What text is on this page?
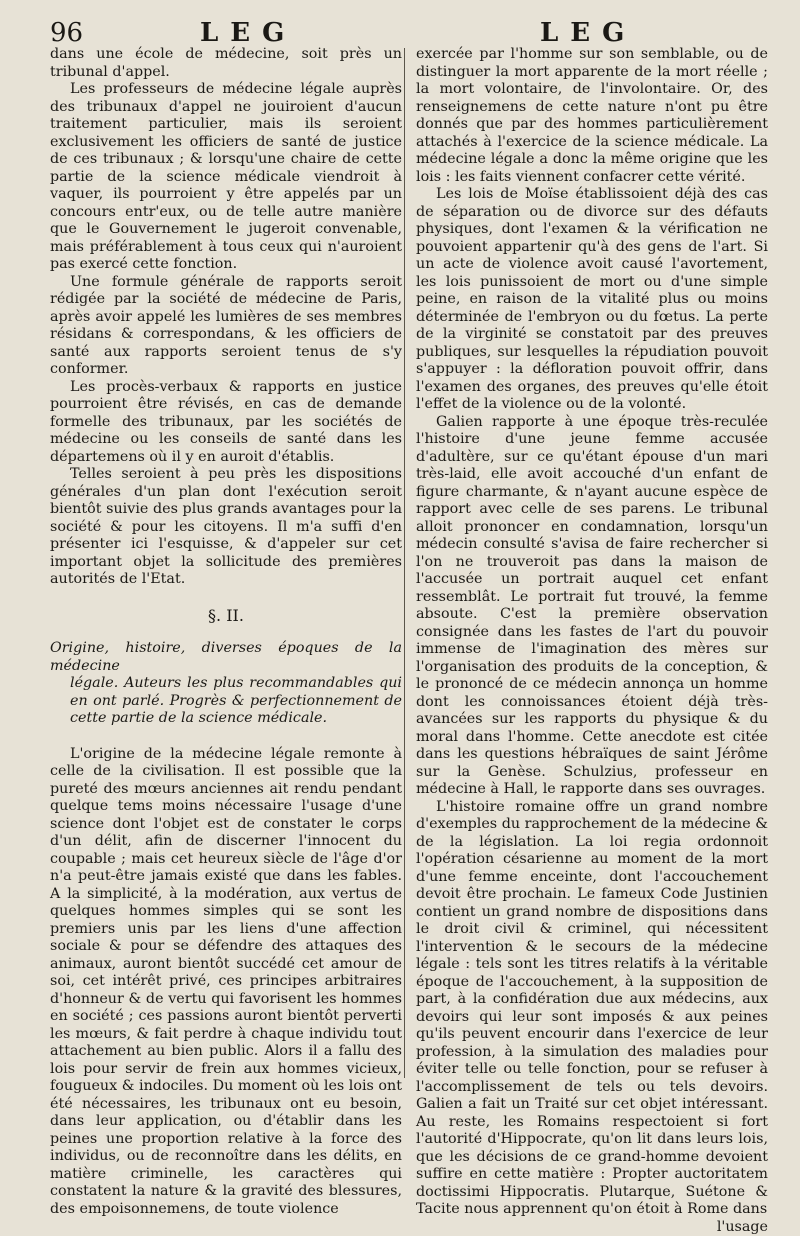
96	LEG	LEG

dans une école de médecine, soit près un tribunal d'appel.

Les professeurs de médecine légale auprès des tribunaux d'appel ne jouiroient d'aucun traitement particulier, mais ils seroient exclusivement les officiers de santé de justice de ces tribunaux ; & lorsqu'une chaire de cette partie de la science médicale viendroit à vaquer, ils pourroient y être appelés par un concours entr'eux, ou de telle autre manière que le Gouvernement le jugeroit convenable, mais préférablement à tous ceux qui n'auroient pas exercé cette fonction.

Une formule générale de rapports seroit rédigée par la société de médecine de Paris, après avoir appelé les lumières de ses membres résidans & correspondans, & les officiers de santé aux rapports seroient tenus de s'y conformer.

Les procès-verbaux & rapports en justice pourroient être révisés, en cas de demande formelle des tribunaux, par les sociétés de médecine ou les conseils de santé dans les départemens où il y en auroit d'établis.

Telles seroient à peu près les dispositions générales d'un plan dont l'exécution seroit bientôt suivie des plus grands avantages pour la société & pour les citoyens. Il m'a suffi d'en présenter ici l'esquisse, & d'appeler sur cet important objet la sollicitude des premières autorités de l'Etat.

§. II.
Origine, histoire, diverses époques de la médecine
légale. Auteurs les plus recommandables qui en ont parlé. Progrès & perfectionnement de cette partie de la science médicale.

L'origine de la médecine légale remonte à celle de la civilisation. Il est possible que la pureté des mœurs anciennes ait rendu pendant quelque tems moins nécessaire l'usage d'une science dont l'objet est de constater le corps d'un délit, afin de discerner l'innocent du coupable ; mais cet heureux siècle de l'âge d'or n'a peut-être jamais existé que dans les fables. A la simplicité, à la modération, aux vertus de quelques hommes simples qui se sont les premiers unis par les liens d'une affection sociale & pour se défendre des attaques des animaux, auront bientôt succédé cet amour de soi, cet intérêt privé, ces principes arbitraires d'honneur & de vertu qui favorisent les hommes en société ; ces passions auront bientôt perverti les mœurs, & fait perdre à chaque individu tout attachement au bien public. Alors il a fallu des lois pour servir de frein aux hommes vicieux, fougueux & indociles. Du moment où les lois ont été nécessaires, les tribunaux ont eu besoin, dans leur application, ou d'établir dans les peines une proportion relative à la force des individus, ou de reconnoître dans les délits, en matière criminelle, les caractères qui constatent la nature & la gravité des blessures, des empoisonnemens, de toute violence

exercée par l'homme sur son semblable, ou de distinguer la mort apparente de la mort réelle ; la mort volontaire, de l'involontaire. Or, des renseignemens de cette nature n'ont pu être donnés que par des hommes particulièrement attachés à l'exercice de la science médicale. La médecine légale a donc la même origine que les lois : les faits viennent confacrer cette vérité.

Les lois de Moïse établissoient déjà des cas de séparation ou de divorce sur des défauts physiques, dont l'examen & la vérification ne pouvoient appartenir qu'à des gens de l'art. Si un acte de violence avoit causé l'avortement, les lois punissoient de mort ou d'une simple peine, en raison de la vitalité plus ou moins déterminée de l'embryon ou du fœtus. La perte de la virginité se constatoit par des preuves publiques, sur lesquelles la répudiation pouvoit s'appuyer : la défloration pouvoit offrir, dans l'examen des organes, des preuves qu'elle étoit l'effet de la violence ou de la volonté.

Galien rapporte à une époque très-reculée l'histoire d'une jeune femme accusée d'adultère, sur ce qu'étant épouse d'un mari très-laid, elle avoit accouché d'un enfant de figure charmante, & n'ayant aucune espèce de rapport avec celle de ses parens. Le tribunal alloit prononcer en condamnation, lorsqu'un médecin consulté s'avisa de faire rechercher si l'on ne trouveroit pas dans la maison de l'accusée un portrait auquel cet enfant ressemblât. Le portrait fut trouvé, la femme absoute. C'est la première observation consignée dans les fastes de l'art du pouvoir immense de l'imagination des mères sur l'organisation des produits de la conception, & le prononcé de ce médecin annonça un homme dont les connoissances étoient déjà très-avancées sur les rapports du physique & du moral dans l'homme. Cette anecdote est citée dans les questions hébraïques de saint Jérôme sur la Genèse. Schulzius, professeur en médecine à Hall, le rapporte dans ses ouvrages.

L'histoire romaine offre un grand nombre d'exemples du rapprochement de la médecine & de la législation. La loi regia ordonnoit l'opération césarienne au moment de la mort d'une femme enceinte, dont l'accouchement devoit être prochain. Le fameux Code Justinien contient un grand nombre de dispositions dans le droit civil & criminel, qui nécessitent l'intervention & le secours de la médecine légale : tels sont les titres relatifs à la véritable époque de l'accouchement, à la supposition de part, à la confidération due aux médecins, aux devoirs qui leur sont imposés & aux peines qu'ils peuvent encourir dans l'exercice de leur profession, à la simulation des maladies pour éviter telle ou telle fonction, pour se refuser à l'accomplissement de tels ou tels devoirs. Galien a fait un Traité sur cet objet intéressant. Au reste, les Romains respectoient si fort l'autorité d'Hippocrate, qu'on lit dans leurs lois, que les décisions de ce grand-homme devoient suffire en cette matière : Propter auctoritatem doctissimi Hippocratis. Plutarque, Suétone & Tacite nous apprennent qu'on étoit à Rome dans

l'usage
